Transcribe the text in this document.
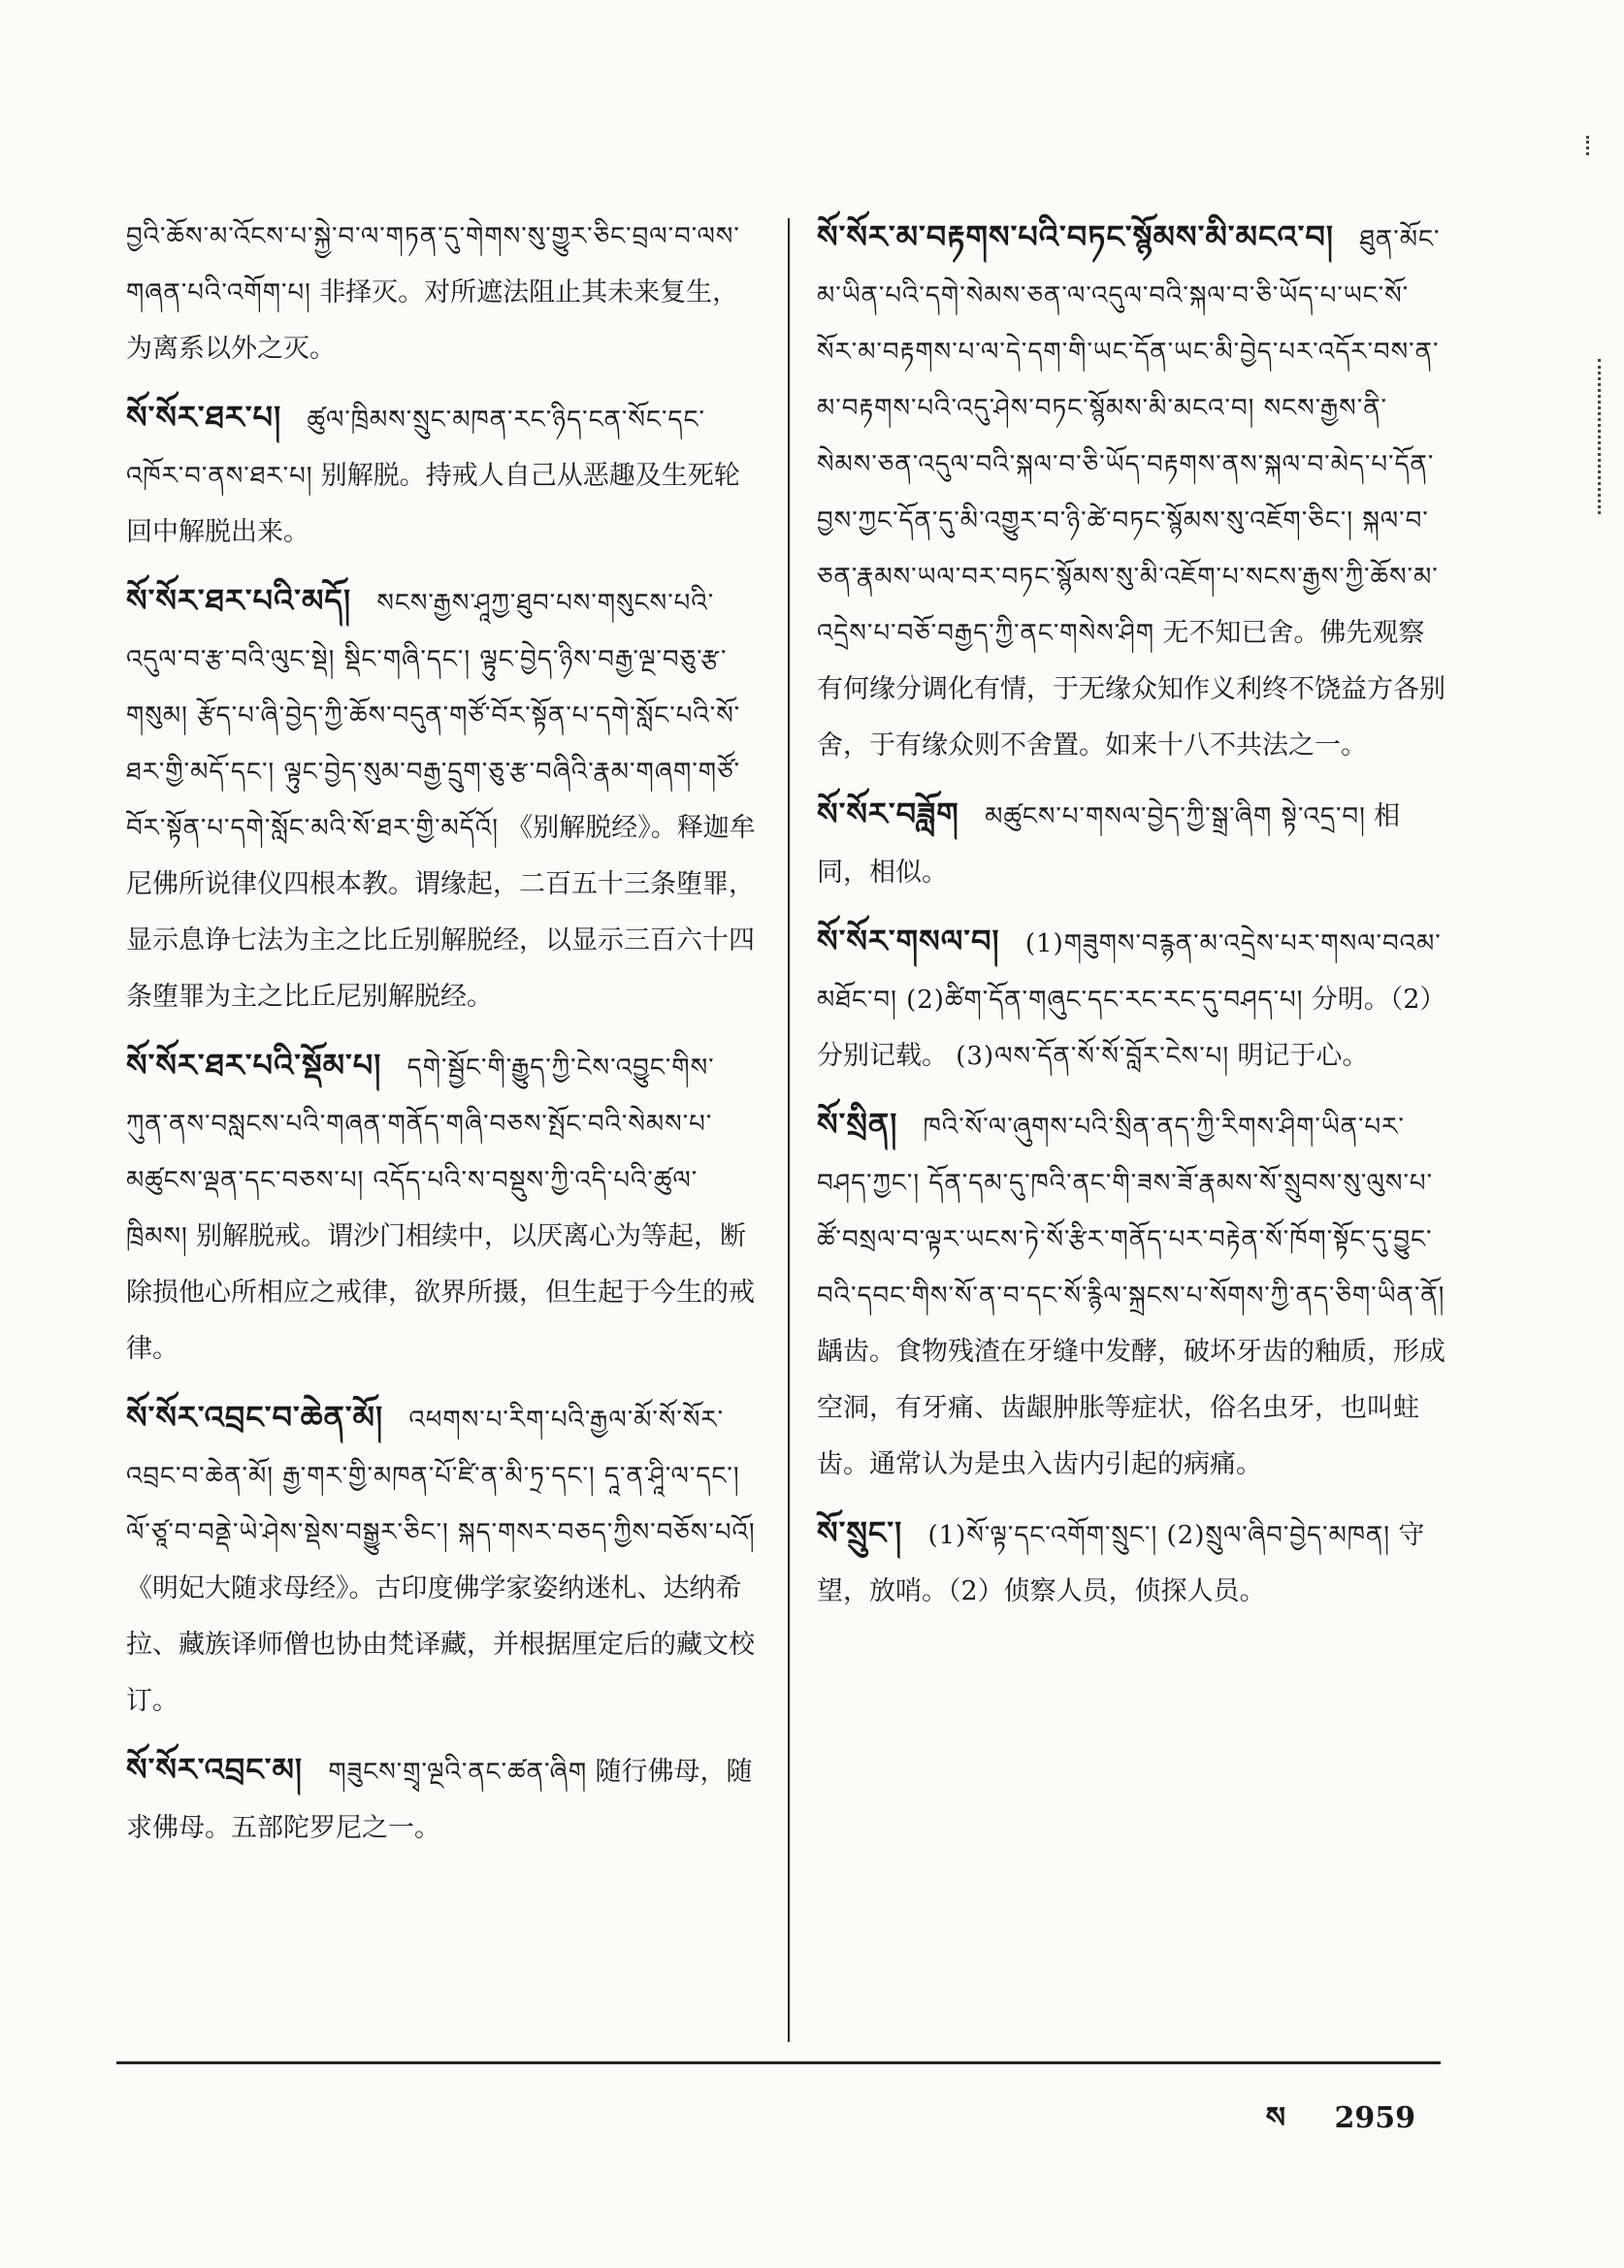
བྱའི་ཆོས་མ་འོངས་པ་སྐྱེ་བ་ལ་གཏན་དུ་གེགས་སུ་གྱུར་ཅིང་བྲལ་བ་ལས་གཞན་པའི་འགོག་པ། 非择灭。对所遮法阻止其未来复生，为离系以外之灭。
སོ་སོར་ཐར་པ། ཚུལ་ཁྲིམས་སྲུང་མཁན་རང་ཉིད་ངན་སོང་དང་འཁོར་བ་ནས་ཐར་པ། 别解脱。持戒人自己从恶趣及生死轮回中解脱出来。
སོ་སོར་ཐར་པའི་མདོ། སངས་རྒྱས་ཤཱཀྱ་ཐུབ་པས་གསུངས་པའི་འདུལ་བ་རྩ་བའི་ལུང་སྡེ། སྡིང་གཞི་དང་། ལྟུང་བྱེད་ཉིས་བརྒྱ་ལྔ་བཅུ་རྩ་གསུམ། རྩོད་པ་ཞི་བྱེད་ཀྱི་ཆོས་བདུན་གཙོ་བོར་སྟོན་པ་དགེ་སློང་པའི་སོ་ཐར་གྱི་མདོ་དང་། ལྟུང་བྱེད་སུམ་བརྒྱ་དྲུག་ཅུ་རྩ་བཞིའི་རྣམ་གཞག་གཙོ་བོར་སྟོན་པ་དགེ་སློང་མའི་སོ་ཐར་གྱི་མདོའོ། 《别解脱经》。释迦牟尼佛所说律仪四根本教。谓缘起，二百五十三条堕罪，显示息诤七法为主之比丘别解脱经，以显示三百六十四条堕罪为主之比丘尼别解脱经。
སོ་སོར་ཐར་པའི་སྡོམ་པ། དགེ་སྦྱོང་གི་རྒྱུད་ཀྱི་ངེས་འབྱུང་གིས་ཀུན་ནས་བསླངས་པའི་གཞན་གནོད་གཞི་བཅས་སྤོང་བའི་སེམས་པ་མཚུངས་ལྡན་དང་བཅས་པ། འདོད་པའི་ས་བསྡུས་ཀྱི་འདི་པའི་ཚུལ་ཁྲིམས། 别解脱戒。谓沙门相续中，以厌离心为等起，断除损他心所相应之戒律，欲界所摄，但生起于今生的戒律。
སོ་སོར་འབྲང་བ་ཆེན་མོ། འཕགས་པ་རིག་པའི་རྒྱལ་མོ་སོ་སོར་འབྲང་བ་ཆེན་མོ། རྒྱ་གར་གྱི་མཁན་པོ་ཛི་ན་མི་ཏྲ་དང་། དཱ་ན་ཤཱི་ལ་དང་། ལོ་ཙཱ་བ་བནྡེ་ཡེ་ཤེས་སྡེས་བསྒྱུར་ཅིང་། སྐད་གསར་བཅད་ཀྱིས་བཅོས་པའོ། 《明妃大随求母经》。古印度佛学家姿纳迷札、达纳希拉、藏族译师僧也协由梵译藏，并根据厘定后的藏文校订。
སོ་སོར་འབྲང་མ། གཟུངས་གྲྭ་ལྔའི་ནང་ཚན་ཞིག 随行佛母，随求佛母。五部陀罗尼之一。
སོ་སོར་མ་བརྟགས་པའི་བཏང་སྙོམས་མི་མངའ་བ། ཐུན་མོང་མ་ཡིན་པའི་དགེ་སེམས་ཅན་ལ་འདུལ་བའི་སྐལ་བ་ཅི་ཡོད་པ་ཡང་སོ་སོར་མ་བརྟགས་པ་ལ་དེ་དག་གི་ཡང་དོན་ཡང་མི་བྱེད་པར་འདོར་བས་ན་མ་བརྟགས་པའི་འདུ་ཤེས་བཏང་སྙོམས་མི་མངའ་བ། སངས་རྒྱས་ནི་སེམས་ཅན་འདུལ་བའི་སྐལ་བ་ཅི་ཡོད་བརྟགས་ནས་སྐལ་བ་མེད་པ་དོན་བྱས་ཀྱང་དོན་དུ་མི་འགྱུར་བ་ཉི་ཚེ་བཏང་སྙོམས་སུ་འཇོག་ཅིང་། སྐལ་བ་ཅན་རྣམས་ཡལ་བར་བཏང་སྙོམས་སུ་མི་འཇོག་པ་སངས་རྒྱས་ཀྱི་ཆོས་མ་འདྲེས་པ་བཅོ་བརྒྱད་ཀྱི་ནང་གསེས་ཤིག 无不知已舍。佛先观察有何缘分调化有情，于无缘众知作义利终不饶益方各别舍，于有缘众则不舍置。如来十八不共法之一。
སོ་སོར་བཟློག མཚུངས་པ་གསལ་བྱེད་ཀྱི་སྒྲ་ཞིག སྟེ་འདྲ་བ། 相同，相似。
སོ་སོར་གསལ་བ། (1)གཟུགས་བརྙན་མ་འདྲེས་པར་གསལ་བའམ་མཐོང་བ། (2)ཚིག་དོན་གཞུང་དང་རང་རང་དུ་བཤད་པ། 分明。（2）分别记载。 (3)ལས་དོན་སོ་སོ་བློར་ངེས་པ། 明记于心。
སོ་སྲིན། ཁའི་སོ་ལ་ཞུགས་པའི་སྲིན་ནད་ཀྱི་རིགས་ཤིག་ཡིན་པར་བཤད་ཀྱང་། དོན་དམ་དུ་ཁའི་ནང་གི་ཟས་ཟོ་རྣམས་སོ་སྲུབས་སུ་ལུས་པ་ཚོ་བསྲལ་བ་ལྟར་ཡངས་ཏེ་སོ་རྩིར་གནོད་པར་བརྟེན་སོ་ཁོག་སྟོང་དུ་བྱུང་བའི་དབང་གིས་སོ་ན་བ་དང་སོ་རྙིལ་སྐྲངས་པ་སོགས་ཀྱི་ནད་ཅིག་ཡིན་ནོ། 龋齿。食物残渣在牙缝中发酵，破坏牙齿的釉质，形成空洞，有牙痛、齿龈肿胀等症状，俗名虫牙，也叫蛀齿。通常认为是虫入齿内引起的病痛。
སོ་སྲུང་། (1)སོ་ལྟ་དང་འགོག་སྲུང་། (2)སྲུལ་ཞིབ་བྱེད་མཁན། 守望，放哨。（2）侦察人员，侦探人员。
ས 2959
